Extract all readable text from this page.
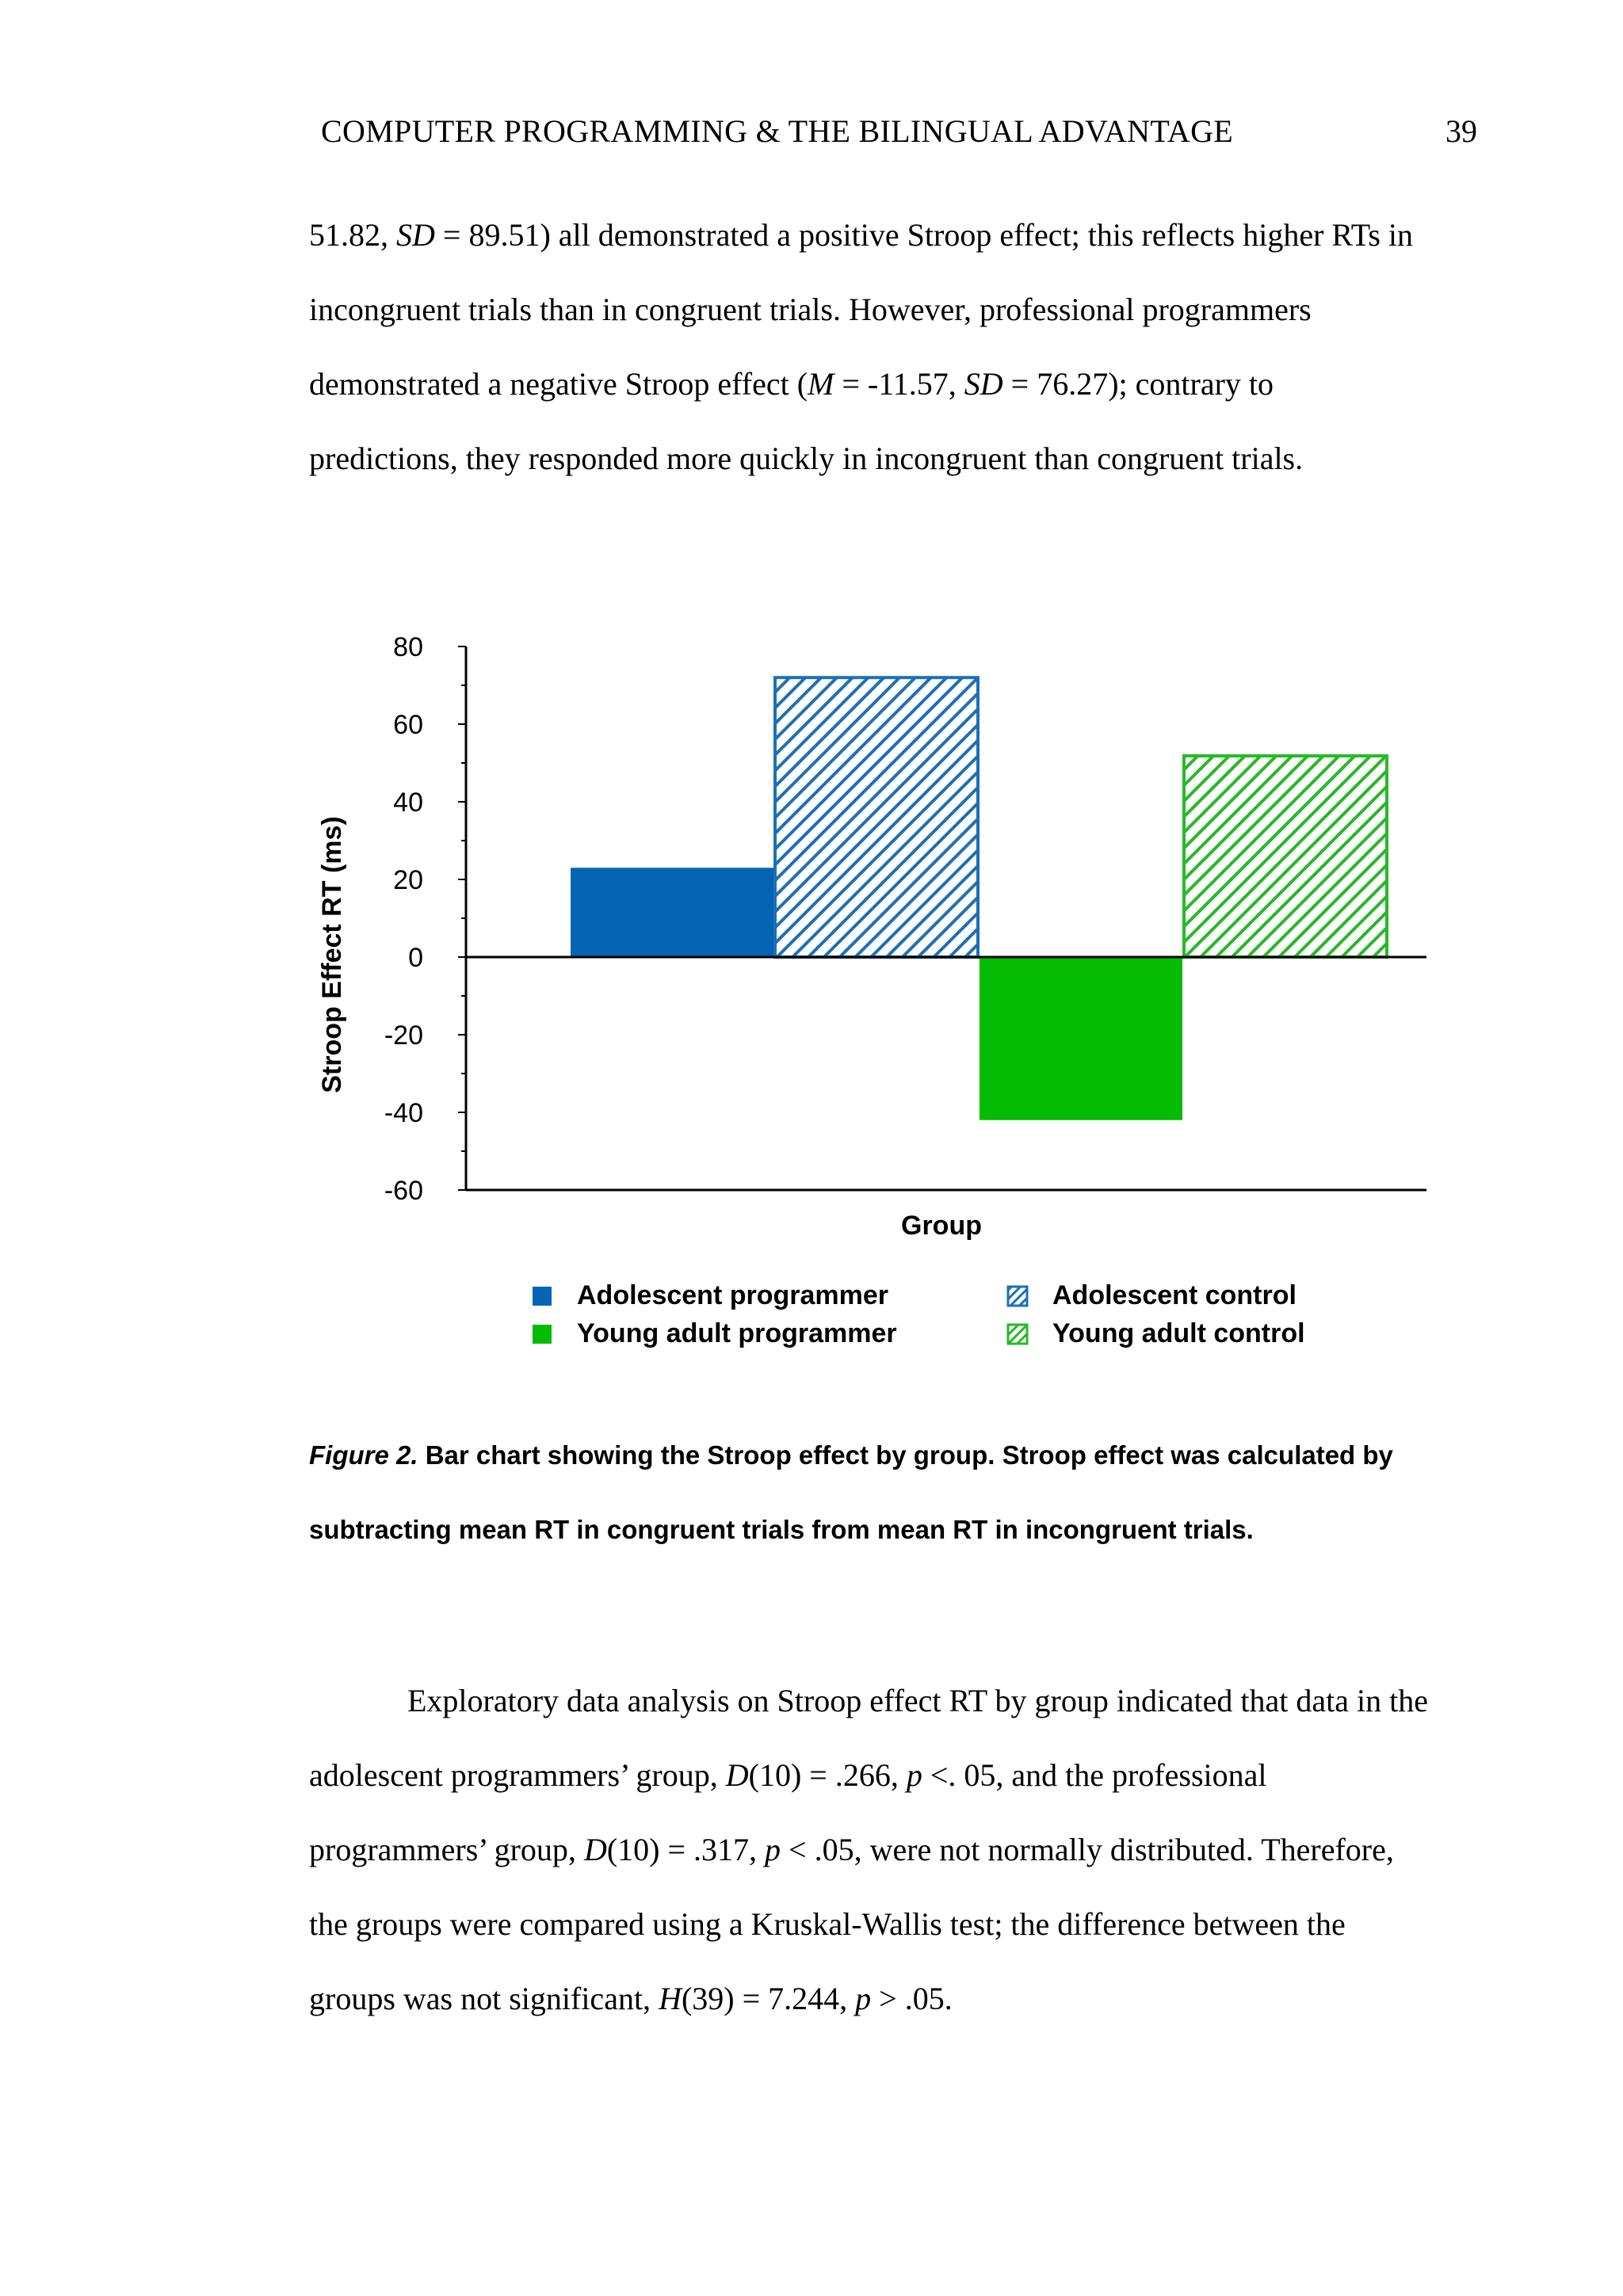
COMPUTER PROGRAMMING & THE BILINGUAL ADVANTAGE	39

51.82, SD = 89.51) all demonstrated a positive Stroop effect; this reflects higher RTs in
incongruent trials than in congruent trials. However, professional programmers
demonstrated a negative Stroop effect (M = -11.57, SD = 76.27); contrary to
predictions, they responded more quickly in incongruent than congruent trials.

80
60
40
20
0
-20
-40
-60
Stroop Effect RT (ms)
Group
Adolescent programmer	Adolescent control
Young adult programmer	Young adult control

Figure 2. Bar chart showing the Stroop effect by group. Stroop effect was calculated by
subtracting mean RT in congruent trials from mean RT in incongruent trials.

Exploratory data analysis on Stroop effect RT by group indicated that data in the
adolescent programmers’ group, D(10) = .266, p <. 05, and the professional
programmers’ group, D(10) = .317, p < .05, were not normally distributed. Therefore,
the groups were compared using a Kruskal-Wallis test; the difference between the
groups was not significant, H(39) = 7.244, p > .05.
